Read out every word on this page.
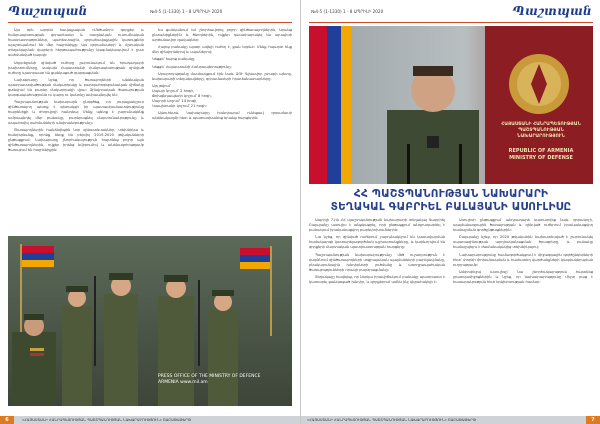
Պաշտպան	№4-5 (1-1330) 1 - 8 ԱՊՐԻԼԻ 2020

Այս օրն արդեն հավաքական «Մեծամոր» գորքեր և հանրապետության զորամասեր և ռազմական ուսումնական հաստատություններ, պահեստային, զորահավաքային կառույցներ պաշտպանում են մեր հայրենիքը։ Այս զորամասերի և մշտական տեղակայման վայրերի հերթապահությունը կազմակերպվում է ըստ սահմանված կարգի։

Ադրբեջանի զինված ուժերը շարունակում են հրադադարի խախտումները, սակայն Հայաստանի Հանրապետության զինված ուժերը պատրաստ են ցանկացած զարգացման։

Նախարարը նշեց, որ ծառայողների անձնական պատրաստվածության մակարդակը և բարոյահոգեբանական վիճակը գտնվում են բարձր մակարդակի վրա։ Զինվորական ծառայության կարգապահությունն ու կարգ ու կանոնը ամրապնդվել են։

Պաշտպանության նախարարն ընդգծեց, որ յուրաքանչյուր զինծառայող պետք է գիտակցի իր պատասխանատվությունը հայրենիքի և ժողովրդի հանդեպ։ Մենք պետք է շարունակենք ամրապնդել մեր բանակը, բարձրացնել մարտունակությունը և ապահովել սահմանների անվտանգությունը։

Ծառայողներին հանձնվեցին նոր զինատեսակներ, տեխնիկա և հանդերձանք, որոնք ձեռք են բերվել 2019-2020 թվականների ընթացքում։ Նախարարը շնորհակալություն հայտնեց բոլոր այն զինծառայողներին, ովքեր իրենց նվիրումով և անձնազոհությամբ ծառայում են հայրենիքին։

Ես ցանկանում եմ շնորհավորել բոլոր զինծառայողներին, նրանց ընտանիքներին և ծնողներին, ովքեր դաստիարակել են այսպիսի արժանավոր զավակներ։

Հայոց բանակը այսօր ավելի ուժեղ է, քան երբևէ։ Մենք հպարտ ենք մեր զինվորներով և սպաներով։

Կեցցե՛ հայոց բանակը,

Կեցցե՛ Հայաստանի Հանրապետությունը։

Արարողությանը մասնակցում էին նաև ԶՈՒ Գլխավոր շտաբի պետը, նախարարի տեղակալները, զորամասերի հրամանատարները։

Այդ թվում՝

Սպայի կոչում՝ 2 հոգի,
Փոխգնդապետի կոչում՝ 8 հոգի,
Մայորի կոչում՝ 14 հոգի,
Կապիտանի կոչում՝ 21 հոգի։

Այնուհետև նախարարը հանդիպում ունեցավ զորամասի անձնակազմի հետ և պատասխանեց նրանց հարցերին։

PRESS OFFICE OF THE MINISTRY OF DEFENCE ARMENIA www.mil.am
«ՀԱՅԱՍՏԱՆԻ ՀԱՆՐԱՊԵՏՈՒԹՅԱՆ ՊԱՇՏՊԱՆՈՒԹՅԱՆ ՆԱԽԱՐԱՐՈՒԹՅՈՒՆ» ՇԱԲԱԹԱԹԵՐԹ
6
№4-5 (1-1330) 1 - 8 ԱՊՐԻԼԻ 2020	Պաշտպան
ՀԱՅԱՍՏԱՆԻ ՀԱՆՐԱՊԵՏՈՒԹՅԱՆ ՊԱՇՏՊԱՆՈՒԹՅԱՆ ՆԱԽԱՐԱՐՈՒԹՅՈՒՆ
REPUBLIC OF ARMENIA MINISTRY OF DEFENSE
ՀՀ ՊԱՇՏՊԱՆՈՒԹՅԱՆ ՆԱԽԱՐԱՐԻ
ՏԵՂԱԿԱԼ ԳԱԲՐԻԵԼ ԲԱԼԱՅԱՆԻ ԱՍՈՒԼԻՍԸ

Ապրիլի 7-ին ՀՀ պաշտպանության նախարարի տեղակալ Գաբրիել Բալայանը ասուլիս է անցկացրել, որի ընթացքում անդրադարձել է բանակում իրականացվող բարեփոխումներին։

Նա նշեց, որ զինված ուժերում շարունակվում են կառավարման համակարգի կատարելագործման աշխատանքները, և կարևորվում են զորքերի մարտական պատրաստության հարցերը։

Պաշտպանության նախարարությունը մեծ ուշադրություն է դարձնում զինծառայողների սոցիալական պայմանների բարելավմանը, բնակարանային խնդիրների լուծմանը և առողջապահական ծառայությունների որակի բարձրացմանը։

Տեղակալը հավելեց, որ ներկա իրավիճակում բանակը պատրաստ է կատարել ցանկացած խնդիր, և զորքերում ամեն ինչ վերահսկելի է։

Ասուլիսի ընթացքում անդրադարձ կատարվեց նաև զորակոչի, պայմանագրային ծառայության և զինված ուժերում իրականացվող համալրման գործընթացներին։

Բալայանը նշեց, որ 2020 թվականին նախատեսված է շարունակել սպառազինության արդիականացման ծրագրերը, և բանակը համալրվելու է ժամանակակից տեխնիկայով։

Նախարարությունը համագործակցում է միջազգային գործընկերների հետ՝ փորձի փոխանակման և համատեղ վարժանքների կազմակերպման ուղղությամբ։

Ամփոփելով ասուլիսը՝ նա շնորհակալություն հայտնեց լրատվամիջոցներին և նշեց, որ նախարարությունը միշտ բաց է հասարակության հետ երկխոսության համար։

«ՀԱՅԱՍՏԱՆԻ ՀԱՆՐԱՊԵՏՈՒԹՅԱՆ ՊԱՇՏՊԱՆՈՒԹՅԱՆ ՆԱԽԱՐԱՐՈՒԹՅՈՒՆ» ՇԱԲԱԹԱԹԵՐԹ	7
